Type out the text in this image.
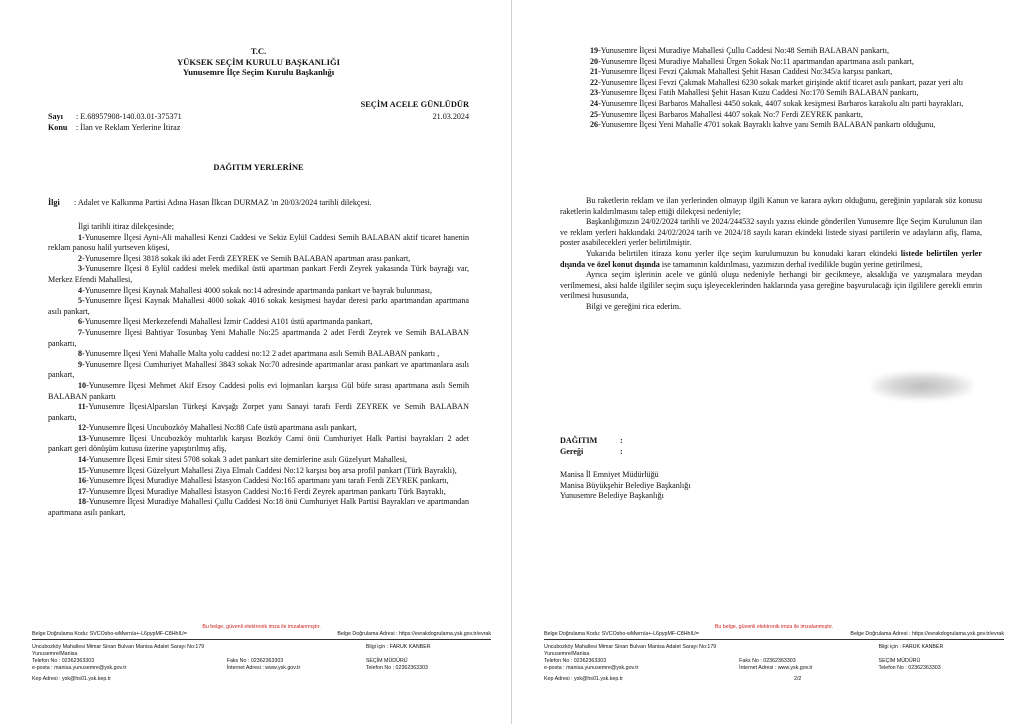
T.C.
YÜKSEK SEÇİM KURULU BAŞKANLIĞI
Yunusemre İlçe Seçim Kurulu Başkanlığı
SEÇİM ACELE GÜNLÜDÜR
Sayı	: E.68957908-140.03.01-375371	21.03.2024
Konu	: İlan ve Reklam Yerlerine İtiraz
DAĞITIM YERLERİNE
İlgi	: Adalet ve Kalkınma Partisi Adına Hasan İlkcan DURMAZ 'ın 20/03/2024 tarihli dilekçesi.

İlgi tarihli itiraz dilekçesinde;

1-Yunusemre İlçesi Ayni-Ali mahallesi Kenzi Caddesi ve Sekiz Eylül Caddesi Semih BALABAN aktif ticaret hanenin reklam panosu halil yurtseven köşesi,

2-Yunusemre İlçesi 3818 sokak iki adet Ferdi ZEYREK ve Semih BALABAN apartman arası pankart,

3-Yunusemre İlçesi 8 Eylül caddesi melek medikal üstü apartman pankart Ferdi Zeyrek yakasında Türk bayrağı var, Merkez Efendi Mahallesi,

4-Yunusemre İlçesi Kaynak Mahallesi 4000 sokak no:14 adresinde apartmanda pankart ve bayrak bulunması,

5-Yunusemre İlçesi Kaynak Mahallesi 4000 sokak 4016 sokak kesişmesi haydar deresi parkı apartmandan apartmana asılı pankart,

6-Yunusemre İlçesi Merkezefendi Mahallesi İzmir Caddesi A101 üstü apartmanda pankart,

7-Yunusemre İlçesi Bahtiyar Tosunbaş Yeni Mahalle No:25 apartmanda 2 adet Ferdi Zeyrek ve Semih BALABAN pankartı,

8-Yunusemre İlçesi Yeni Mahalle Malta yolu caddesi no:12 2 adet apartmana asılı Semih BALABAN pankartı ,

9-Yunusemre İlçesi Cumhuriyet Mahallesi 3843 sokak No:70 adresinde apartmanlar arası pankart ve apartmanlara asılı pankart,

10-Yunusemre İlçesi Mehmet Akif Ersoy Caddesi polis evi lojmanları karşısı Gül büfe sırası apartmana asılı Semih BALABAN pankartı

11-Yunusemre İlçesiAlparslan Türkeşi Kavşağı Zorpet yanı Sanayi tarafı Ferdi ZEYREK ve Semih BALABAN pankartı,

12-Yunusemre İlçesi Uncubozköy Mahallesi No:88 Cafe üstü apartmana asılı pankart,

13-Yunusemre İlçesi Uncubozköy muhtarlık karşısı Bozköy Cami önü Cumhuriyet Halk Partisi bayrakları 2 adet pankart geri dönüşüm kutusu üzerine yapıştırılmış afiş,

14-Yunusemre İlçesi Emir sitesi 5708 sokak 3 adet pankart site demirlerine asılı Güzelyurt Mahallesi,

15-Yunusemre İlçesi Güzelyurt Mahallesi Ziya Elmalı Caddesi No:12 karşısı boş arsa profil pankart (Türk Bayraklı),

16-Yunusemre İlçesi Muradiye Mahallesi İstasyon Caddesi No:165 apartmanı yanı tarafı Ferdi ZEYREK pankartı,

17-Yunusemre İlçesi Muradiye Mahallesi İstasyon Caddesi No:16 Ferdi Zeyrek apartman pankartı Türk Bayraklı,

18-Yunusemre İlçesi Muradiye Mahallesi Çullu Caddesi No:18 önü Cumhuriyet Halk Partisi Bayrakları ve apartmandan apartmana asılı pankart,

Bu belge, güvenli elektronik imza ile imzalanmıştır.
Belge Doğrulama Kodu: SVCOsho-wMwrn/a+-L6pypMF-C8HhIU=	Belge Doğrulama Adresi : https://evrakdogrulama.ysk.gov.tr/evrak
Uncubozköy Mahallesi Mimar Sinan Bulvarı Manisa Adalet Sarayı No:179 Yunusemre/Manisa
Bilgi için : FARUK KANBER
Telefon No : 02362363303	Faks No : 02362363303	SEÇİM MÜDÜRÜ
e-posta : manisa.yunusemre@ysk.gov.tr	İnternet Adresi : www.ysk.gov.tr	Telefon No : 02362363303
Kep Adresi : ysk@hs01.ysk.kep.tr

19-Yunusemre İlçesi Muradiye Mahallesi Çullu Caddesi No:48 Semih BALABAN pankartı,

20-Yunusemre İlçesi Muradiye Mahallesi Ürgen Sokak No:11 apartmandan apartmana asılı pankart,

21-Yunusemre İlçesi Fevzi Çakmak Mahallesi Şehit Hasan Caddesi No:345/a karşısı pankart,

22-Yunusemre İlçesi Fevzi Çakmak Mahallesi 6230 sokak market girişinde aktif ticaret asılı pankart, pazar yeri altı

23-Yunusemre İlçesi Fatih Mahallesi Şehit Hasan Kuzu Caddesi No:170 Semih BALABAN pankartı,

24-Yunusemre İlçesi Barbaros Mahallesi 4450 sokak, 4407 sokak kesişmesi Barbaros karakolu altı parti bayrakları,

25-Yunusemre İlçesi Barbaros Mahallesi 4407 sokak No:7 Ferdi ZEYREK pankartı,

26-Yunusemre İlçesi Yeni Mahalle 4701 sokak Bayraklı kahve yanı Semih BALABAN pankartı olduğunu,

Bu raketlerin reklam ve ilan yerlerinden olmayıp ilgili Kanun ve karara aykırı olduğunu, gereğinin yapılarak söz konusu raketlerin kaldırılmasını talep ettiği dilekçesi nedeniyle;

Başkanlığımızın 24/02/2024 tarihli ve 2024/244532 sayılı yazısı ekinde gönderilen Yunusemre İlçe Seçim Kurulunun ilan ve reklam yerleri hakkındaki 24/02/2024 tarih ve 2024/18 sayılı kararı ekindeki listede siyasi partilerin ve adayların afiş, flama, poster asabilecekleri yerler belirtilmiştir.

Yukarıda belirtilen itiraza konu yerler ilçe seçim kurulumuzun bu konudaki kararı ekindeki listede belirtilen yerler dışında ve özel konut dışında ise tamamının kaldırılması, yazımızın derhal ivedilikle bugün yerine getirilmesi,

Ayrıca seçim işlerinin acele ve günlü oluşu nedeniyle herhangi bir gecikmeye, aksaklığa ve yazışmalara meydan verilmemesi, aksi halde ilgililer seçim suçu işleyeceklerinden haklarında yasa gereğine başvurulacağı için ilgililere gerekli emrin verilmesi hususunda,

Bilgi ve gereğini rica ederim.

DAĞITIM	:
Gereği	:
Manisa İl Emniyet Müdürlüğü
Manisa Büyükşehir Belediye Başkanlığı
Yunusemre Belediye Başkanlığı
Bu belge, güvenli elektronik imza ile imzalanmıştır.
Belge Doğrulama Kodu: SVCOsho-wMwrn/a+-L6pypMF-C8HhIU=	Belge Doğrulama Adresi : https://evrakdogrulama.ysk.gov.tr/evrak
Uncubozköy Mahallesi Mimar Sinan Bulvarı Manisa Adalet Sarayı No:179 Yunusemre/Manisa
Bilgi için : FARUK KANBER
Telefon No : 02362363303	Faks No : 02362363303	SEÇİM MÜDÜRÜ
e-posta : manisa.yunusemre@ysk.gov.tr	İnternet Adresi : www.ysk.gov.tr	Telefon No : 02362363303
Kep Adresi : ysk@hs01.ysk.kep.tr	2/2
